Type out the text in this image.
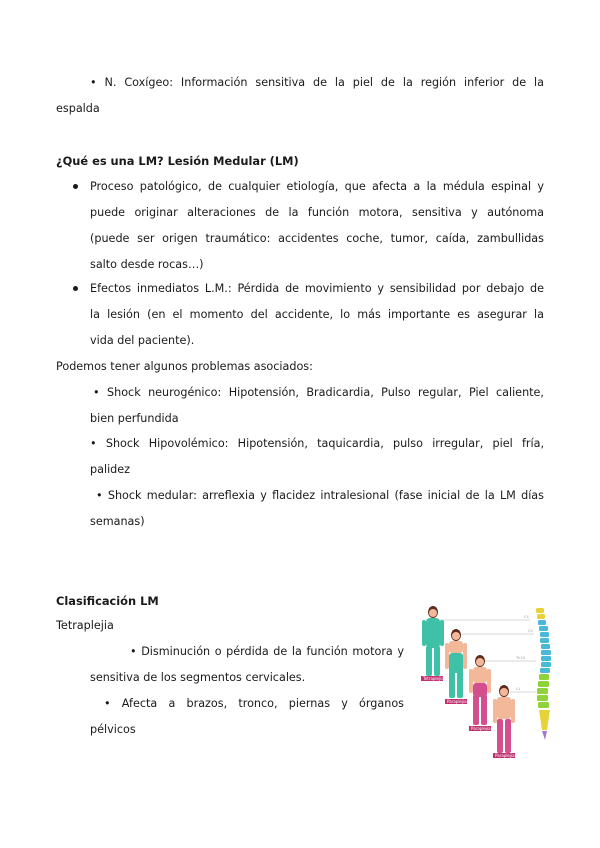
• N. Coxígeo: Información sensitiva de la piel de la región inferior de la
espalda
¿Qué es una LM? Lesión Medular (LM)
Proceso patológico, de cualquier etiología, que afecta a la médula espinal y
puede originar alteraciones de la función motora, sensitiva y autónoma
(puede ser origen traumático: accidentes coche, tumor, caída, zambullidas
salto desde rocas…)
Efectos inmediatos L.M.: Pérdida de movimiento y sensibilidad por debajo de
la lesión (en el momento del accidente, lo más importante es asegurar la
vida del paciente).
Podemos tener algunos problemas asociados:
• Shock neurogénico: Hipotensión, Bradicardia, Pulso regular, Piel caliente,
bien perfundida
• Shock Hipovolémico: Hipotensión, taquicardia, pulso irregular, piel fría,
palidez
• Shock medular: arreflexia y flacidez intralesional (fase inicial de la LM días
semanas)
Clasificación LM
Tetraplejia
• Disminución o pérdida de la función motora y
sensitiva de los segmentos cervicales.
• Afecta a brazos, tronco, piernas y órganos
pélvicos
C4
C5
Th10
L1
Tetraplejia
Paraplejia
Paraplejia
Paraplejia
